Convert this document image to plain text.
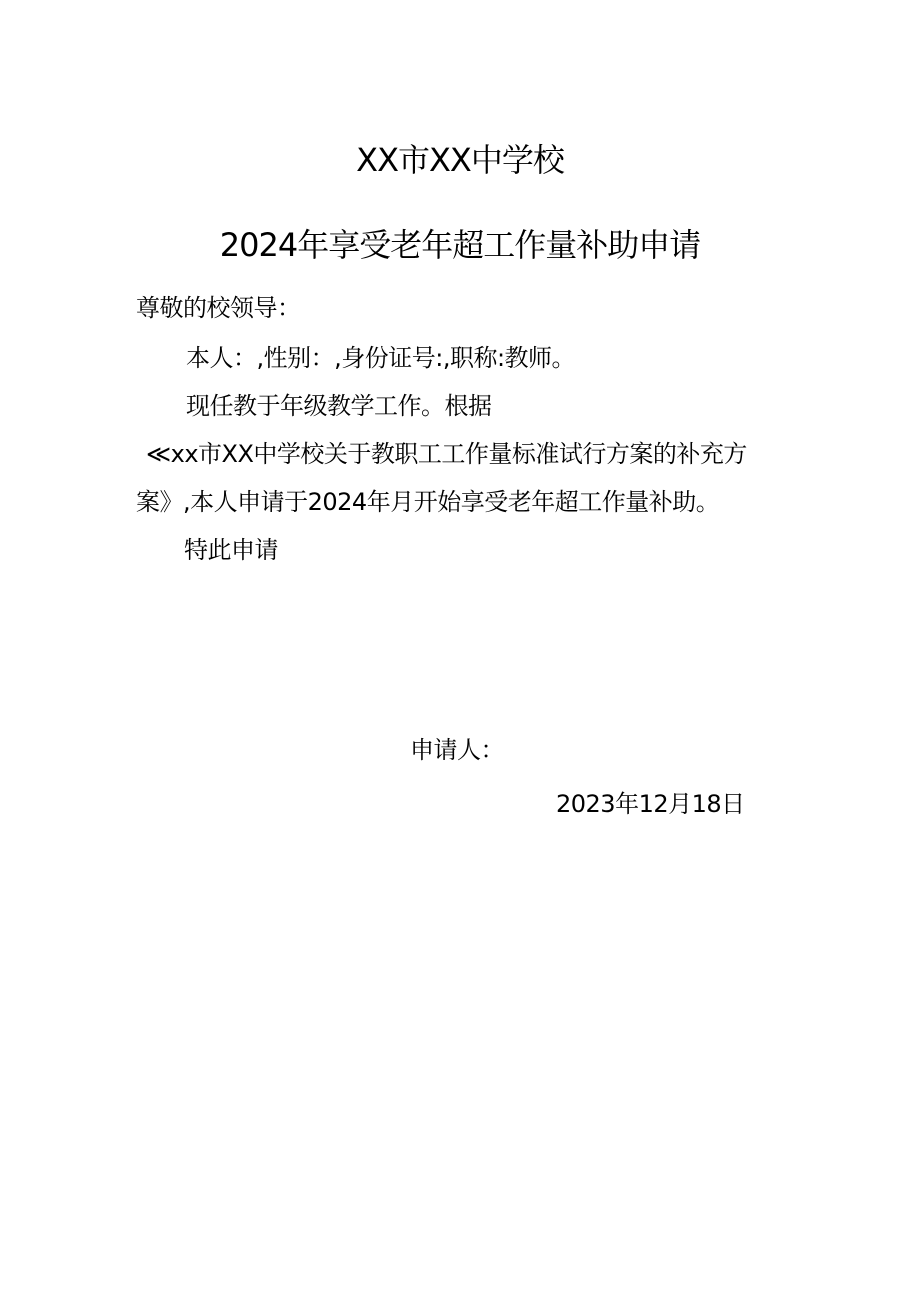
XX市XX中学校
2024年享受老年超工作量补助申请
尊敬的校领导：
本人：,性别：,身份证号:,职称:教师。
现任教于年级教学工作。根据
≪xx市XX中学校关于教职工工作量标准试行方案的补充方
案》,本人申请于2024年月开始享受老年超工作量补助。
特此申请
申请人：
2023年12月18日
